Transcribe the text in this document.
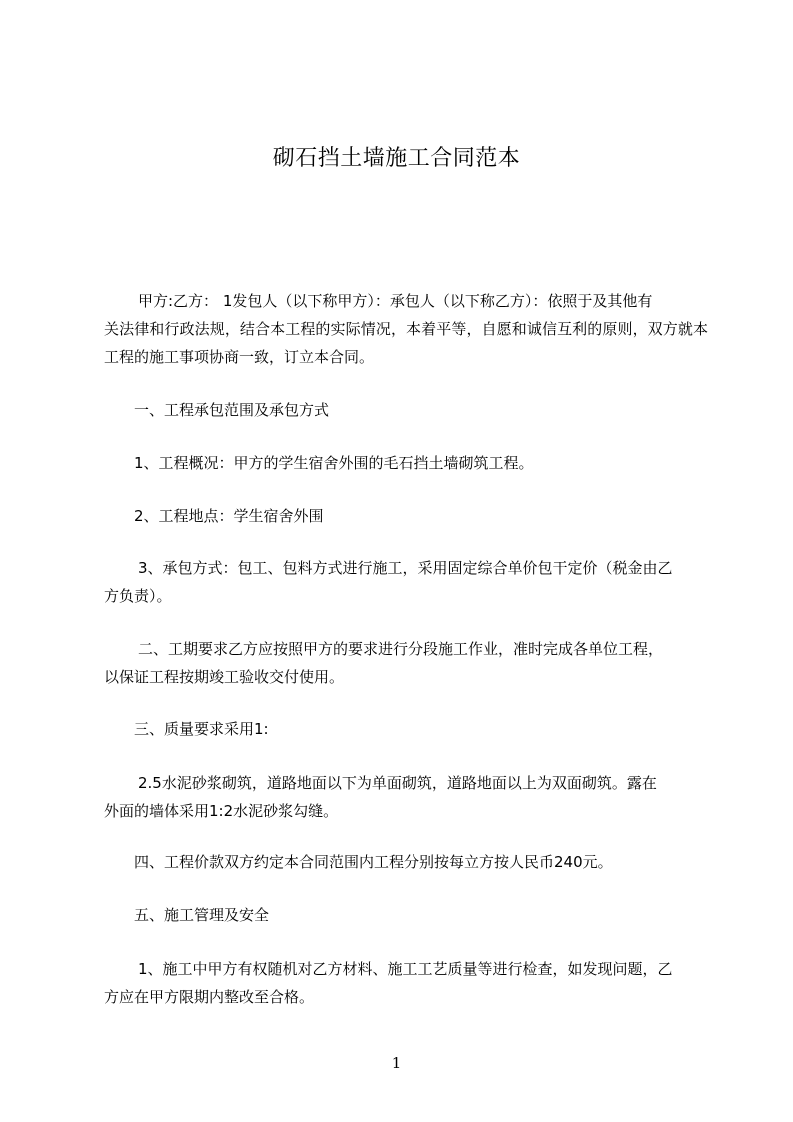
砌石挡土墙施工合同范本
甲方:乙方： 1发包人（以下称甲方）：承包人（以下称乙方）：依照于及其他有
关法律和行政法规，结合本工程的实际情况，本着平等，自愿和诚信互利的原则，双方就本工程的施工事项协商一致，订立本合同。
一、工程承包范围及承包方式
1、工程概况：甲方的学生宿舍外围的毛石挡土墙砌筑工程。
2、工程地点：学生宿舍外围
3、承包方式：包工、包料方式进行施工，采用固定综合单价包干定价（税金由乙
方负责）。
二、工期要求乙方应按照甲方的要求进行分段施工作业，准时完成各单位工程，
以保证工程按期竣工验收交付使用。
三、质量要求采用1:
2.5水泥砂浆砌筑，道路地面以下为单面砌筑，道路地面以上为双面砌筑。露在
外面的墙体采用1:2水泥砂浆勾缝。
四、工程价款双方约定本合同范围内工程分别按每立方按人民币240元。
五、施工管理及安全
1、施工中甲方有权随机对乙方材料、施工工艺质量等进行检查，如发现问题，乙
方应在甲方限期内整改至合格。
1
